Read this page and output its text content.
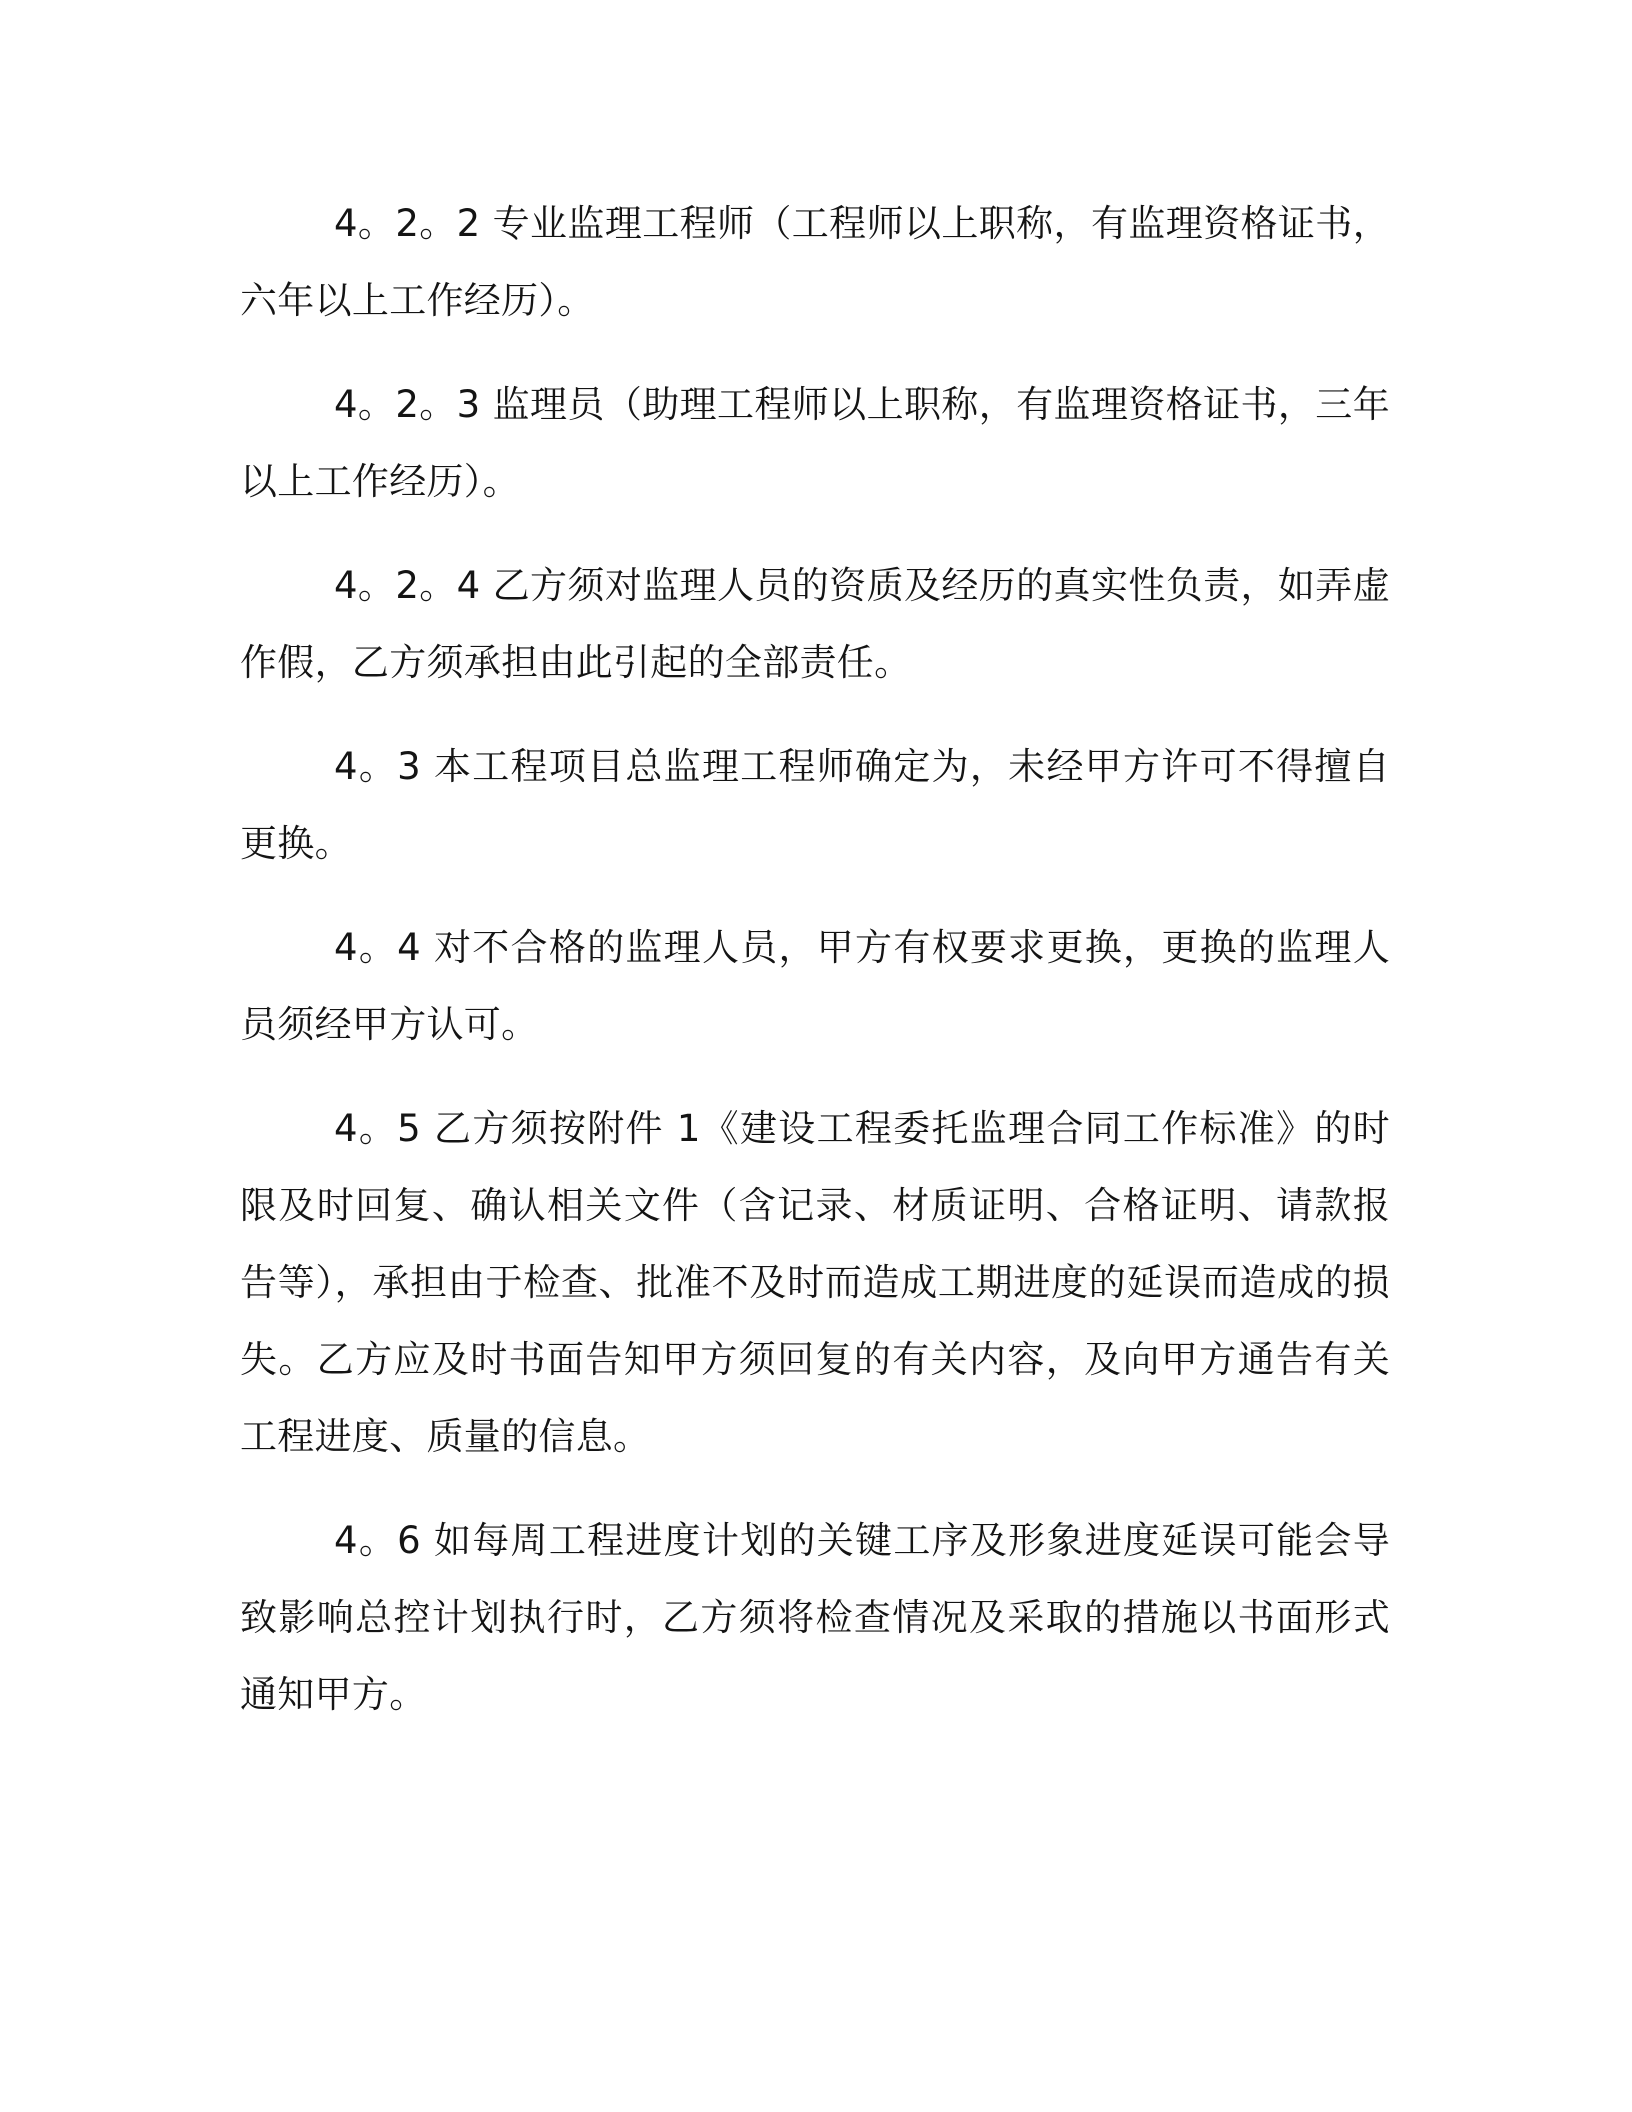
4。2。2 专业监理工程师（工程师以上职称，有监理资格证书，六年以上工作经历）。

4。2。3 监理员（助理工程师以上职称，有监理资格证书，三年以上工作经历）。

4。2。4 乙方须对监理人员的资质及经历的真实性负责，如弄虚作假，乙方须承担由此引起的全部责任。

4。3 本工程项目总监理工程师确定为，未经甲方许可不得擅自更换。

4。4 对不合格的监理人员，甲方有权要求更换，更换的监理人员须经甲方认可。

4。5 乙方须按附件 1《建设工程委托监理合同工作标准》的时限及时回复、确认相关文件（含记录、材质证明、合格证明、请款报告等），承担由于检查、批准不及时而造成工期进度的延误而造成的损失。乙方应及时书面告知甲方须回复的有关内容，及向甲方通告有关工程进度、质量的信息。

4。6 如每周工程进度计划的关键工序及形象进度延误可能会导致影响总控计划执行时，乙方须将检查情况及采取的措施以书面形式通知甲方。
